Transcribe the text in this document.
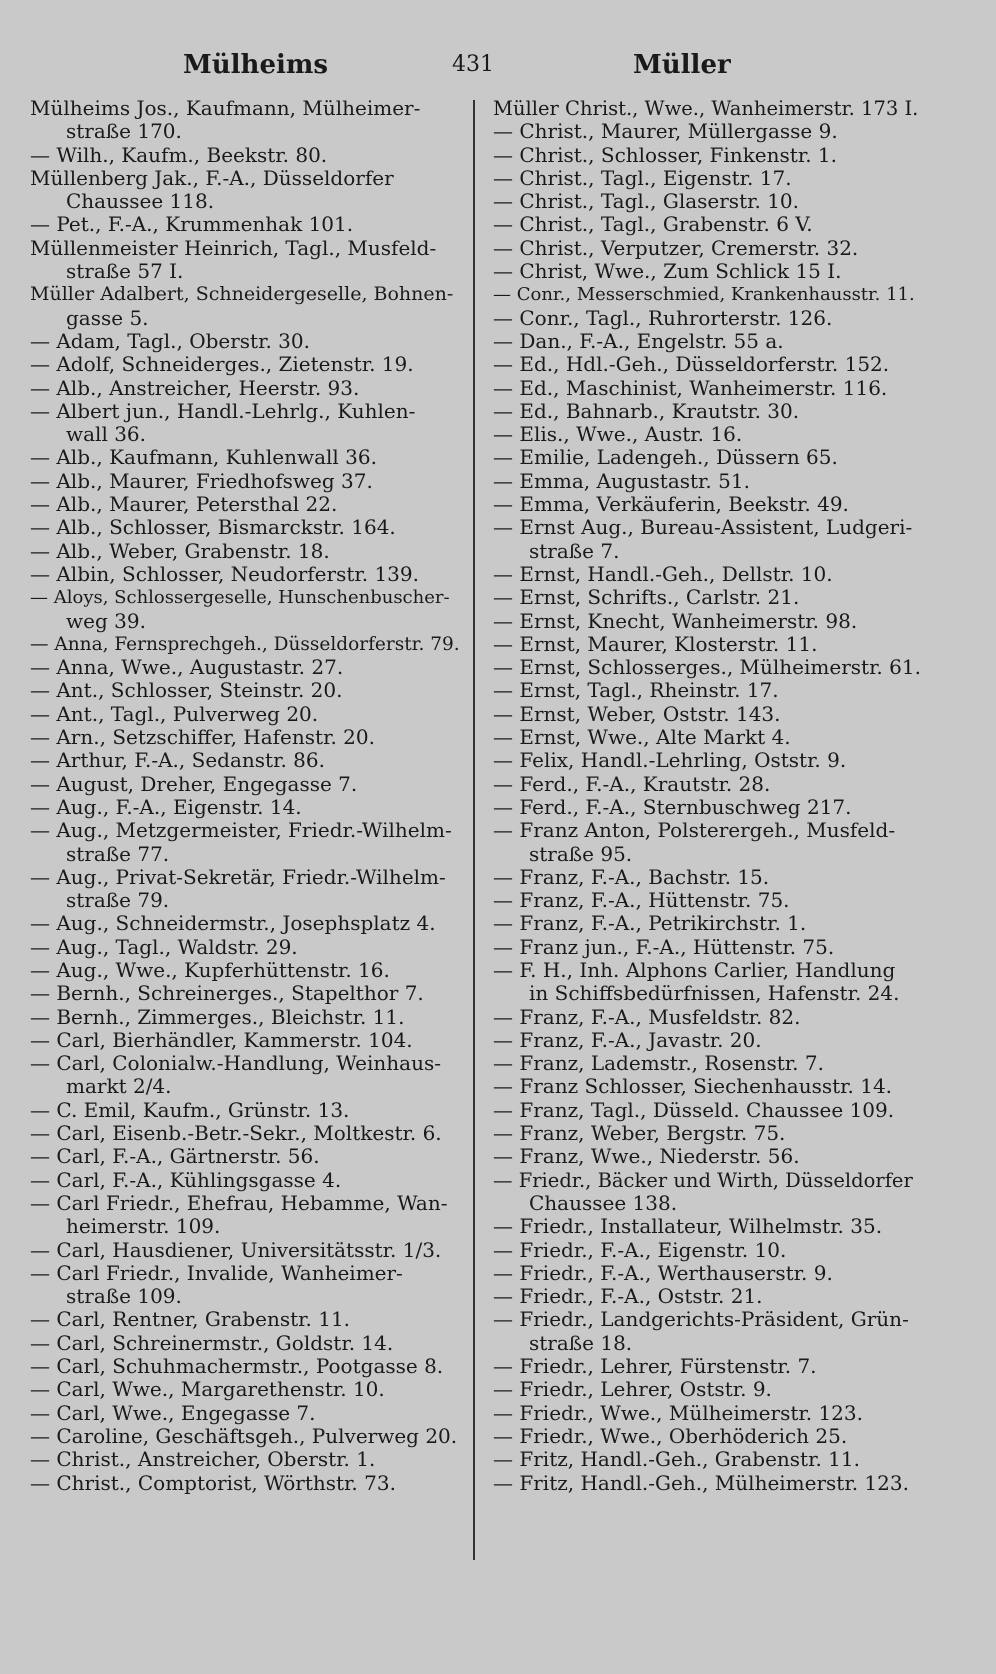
Mülheims	431	Müller
Mülheims Jos., Kaufmann, Mülheimer-
straße 170.
— Wilh., Kaufm., Beekstr. 80.
Müllenberg Jak., F.-A., Düsseldorfer
Chaussee 118.
— Pet., F.-A., Krummenhak 101.
Müllenmeister Heinrich, Tagl., Musfeld-
straße 57 I.
Müller Adalbert, Schneidergeselle, Bohnen-
gasse 5.
— Adam, Tagl., Oberstr. 30.
— Adolf, Schneiderges., Zietenstr. 19.
— Alb., Anstreicher, Heerstr. 93.
— Albert jun., Handl.-Lehrlg., Kuhlen-
wall 36.
— Alb., Kaufmann, Kuhlenwall 36.
— Alb., Maurer, Friedhofsweg 37.
— Alb., Maurer, Petersthal 22.
— Alb., Schlosser, Bismarckstr. 164.
— Alb., Weber, Grabenstr. 18.
— Albin, Schlosser, Neudorferstr. 139.
— Aloys, Schlossergeselle, Hunschenbuscher-
weg 39.
— Anna, Fernsprechgeh., Düsseldorferstr. 79.
— Anna, Wwe., Augustastr. 27.
— Ant., Schlosser, Steinstr. 20.
— Ant., Tagl., Pulverweg 20.
— Arn., Setzschiffer, Hafenstr. 20.
— Arthur, F.-A., Sedanstr. 86.
— August, Dreher, Engegasse 7.
— Aug., F.-A., Eigenstr. 14.
— Aug., Metzgermeister, Friedr.-Wilhelm-
straße 77.
— Aug., Privat-Sekretär, Friedr.-Wilhelm-
straße 79.
— Aug., Schneidermstr., Josephsplatz 4.
— Aug., Tagl., Waldstr. 29.
— Aug., Wwe., Kupferhüttenstr. 16.
— Bernh., Schreinerges., Stapelthor 7.
— Bernh., Zimmerges., Bleichstr. 11.
— Carl, Bierhändler, Kammerstr. 104.
— Carl, Colonialw.-Handlung, Weinhaus-
markt 2/4.
— C. Emil, Kaufm., Grünstr. 13.
— Carl, Eisenb.-Betr.-Sekr., Moltkestr. 6.
— Carl, F.-A., Gärtnerstr. 56.
— Carl, F.-A., Kühlingsgasse 4.
— Carl Friedr., Ehefrau, Hebamme, Wan-
heimerstr. 109.
— Carl, Hausdiener, Universitätsstr. 1/3.
— Carl Friedr., Invalide, Wanheimer-
straße 109.
— Carl, Rentner, Grabenstr. 11.
— Carl, Schreinermstr., Goldstr. 14.
— Carl, Schuhmachermstr., Pootgasse 8.
— Carl, Wwe., Margarethenstr. 10.
— Carl, Wwe., Engegasse 7.
— Caroline, Geschäftsgeh., Pulverweg 20.
— Christ., Anstreicher, Oberstr. 1.
— Christ., Comptorist, Wörthstr. 73.
Müller Christ., Wwe., Wanheimerstr. 173 I.
— Christ., Maurer, Müllergasse 9.
— Christ., Schlosser, Finkenstr. 1.
— Christ., Tagl., Eigenstr. 17.
— Christ., Tagl., Glaserstr. 10.
— Christ., Tagl., Grabenstr. 6 V.
— Christ., Verputzer, Cremerstr. 32.
— Christ, Wwe., Zum Schlick 15 I.
— Conr., Messerschmied, Krankenhausstr. 11.
— Conr., Tagl., Ruhrorterstr. 126.
— Dan., F.-A., Engelstr. 55 a.
— Ed., Hdl.-Geh., Düsseldorferstr. 152.
— Ed., Maschinist, Wanheimerstr. 116.
— Ed., Bahnarb., Krautstr. 30.
— Elis., Wwe., Austr. 16.
— Emilie, Ladengeh., Düssern 65.
— Emma, Augustastr. 51.
— Emma, Verkäuferin, Beekstr. 49.
— Ernst Aug., Bureau-Assistent, Ludgeri-
straße 7.
— Ernst, Handl.-Geh., Dellstr. 10.
— Ernst, Schrifts., Carlstr. 21.
— Ernst, Knecht, Wanheimerstr. 98.
— Ernst, Maurer, Klosterstr. 11.
— Ernst, Schlosserges., Mülheimerstr. 61.
— Ernst, Tagl., Rheinstr. 17.
— Ernst, Weber, Oststr. 143.
— Ernst, Wwe., Alte Markt 4.
— Felix, Handl.-Lehrling, Oststr. 9.
— Ferd., F.-A., Krautstr. 28.
— Ferd., F.-A., Sternbuschweg 217.
— Franz Anton, Polsterergeh., Musfeld-
straße 95.
— Franz, F.-A., Bachstr. 15.
— Franz, F.-A., Hüttenstr. 75.
— Franz, F.-A., Petrikirchstr. 1.
— Franz jun., F.-A., Hüttenstr. 75.
— F. H., Inh. Alphons Carlier, Handlung
in Schiffsbedürfnissen, Hafenstr. 24.
— Franz, F.-A., Musfeldstr. 82.
— Franz, F.-A., Javastr. 20.
— Franz, Lademstr., Rosenstr. 7.
— Franz Schlosser, Siechenhausstr. 14.
— Franz, Tagl., Düsseld. Chaussee 109.
— Franz, Weber, Bergstr. 75.
— Franz, Wwe., Niederstr. 56.
— Friedr., Bäcker und Wirth, Düsseldorfer
Chaussee 138.
— Friedr., Installateur, Wilhelmstr. 35.
— Friedr., F.-A., Eigenstr. 10.
— Friedr., F.-A., Werthauserstr. 9.
— Friedr., F.-A., Oststr. 21.
— Friedr., Landgerichts-Präsident, Grün-
straße 18.
— Friedr., Lehrer, Fürstenstr. 7.
— Friedr., Lehrer, Oststr. 9.
— Friedr., Wwe., Mülheimerstr. 123.
— Friedr., Wwe., Oberhöderich 25.
— Fritz, Handl.-Geh., Grabenstr. 11.
— Fritz, Handl.-Geh., Mülheimerstr. 123.
